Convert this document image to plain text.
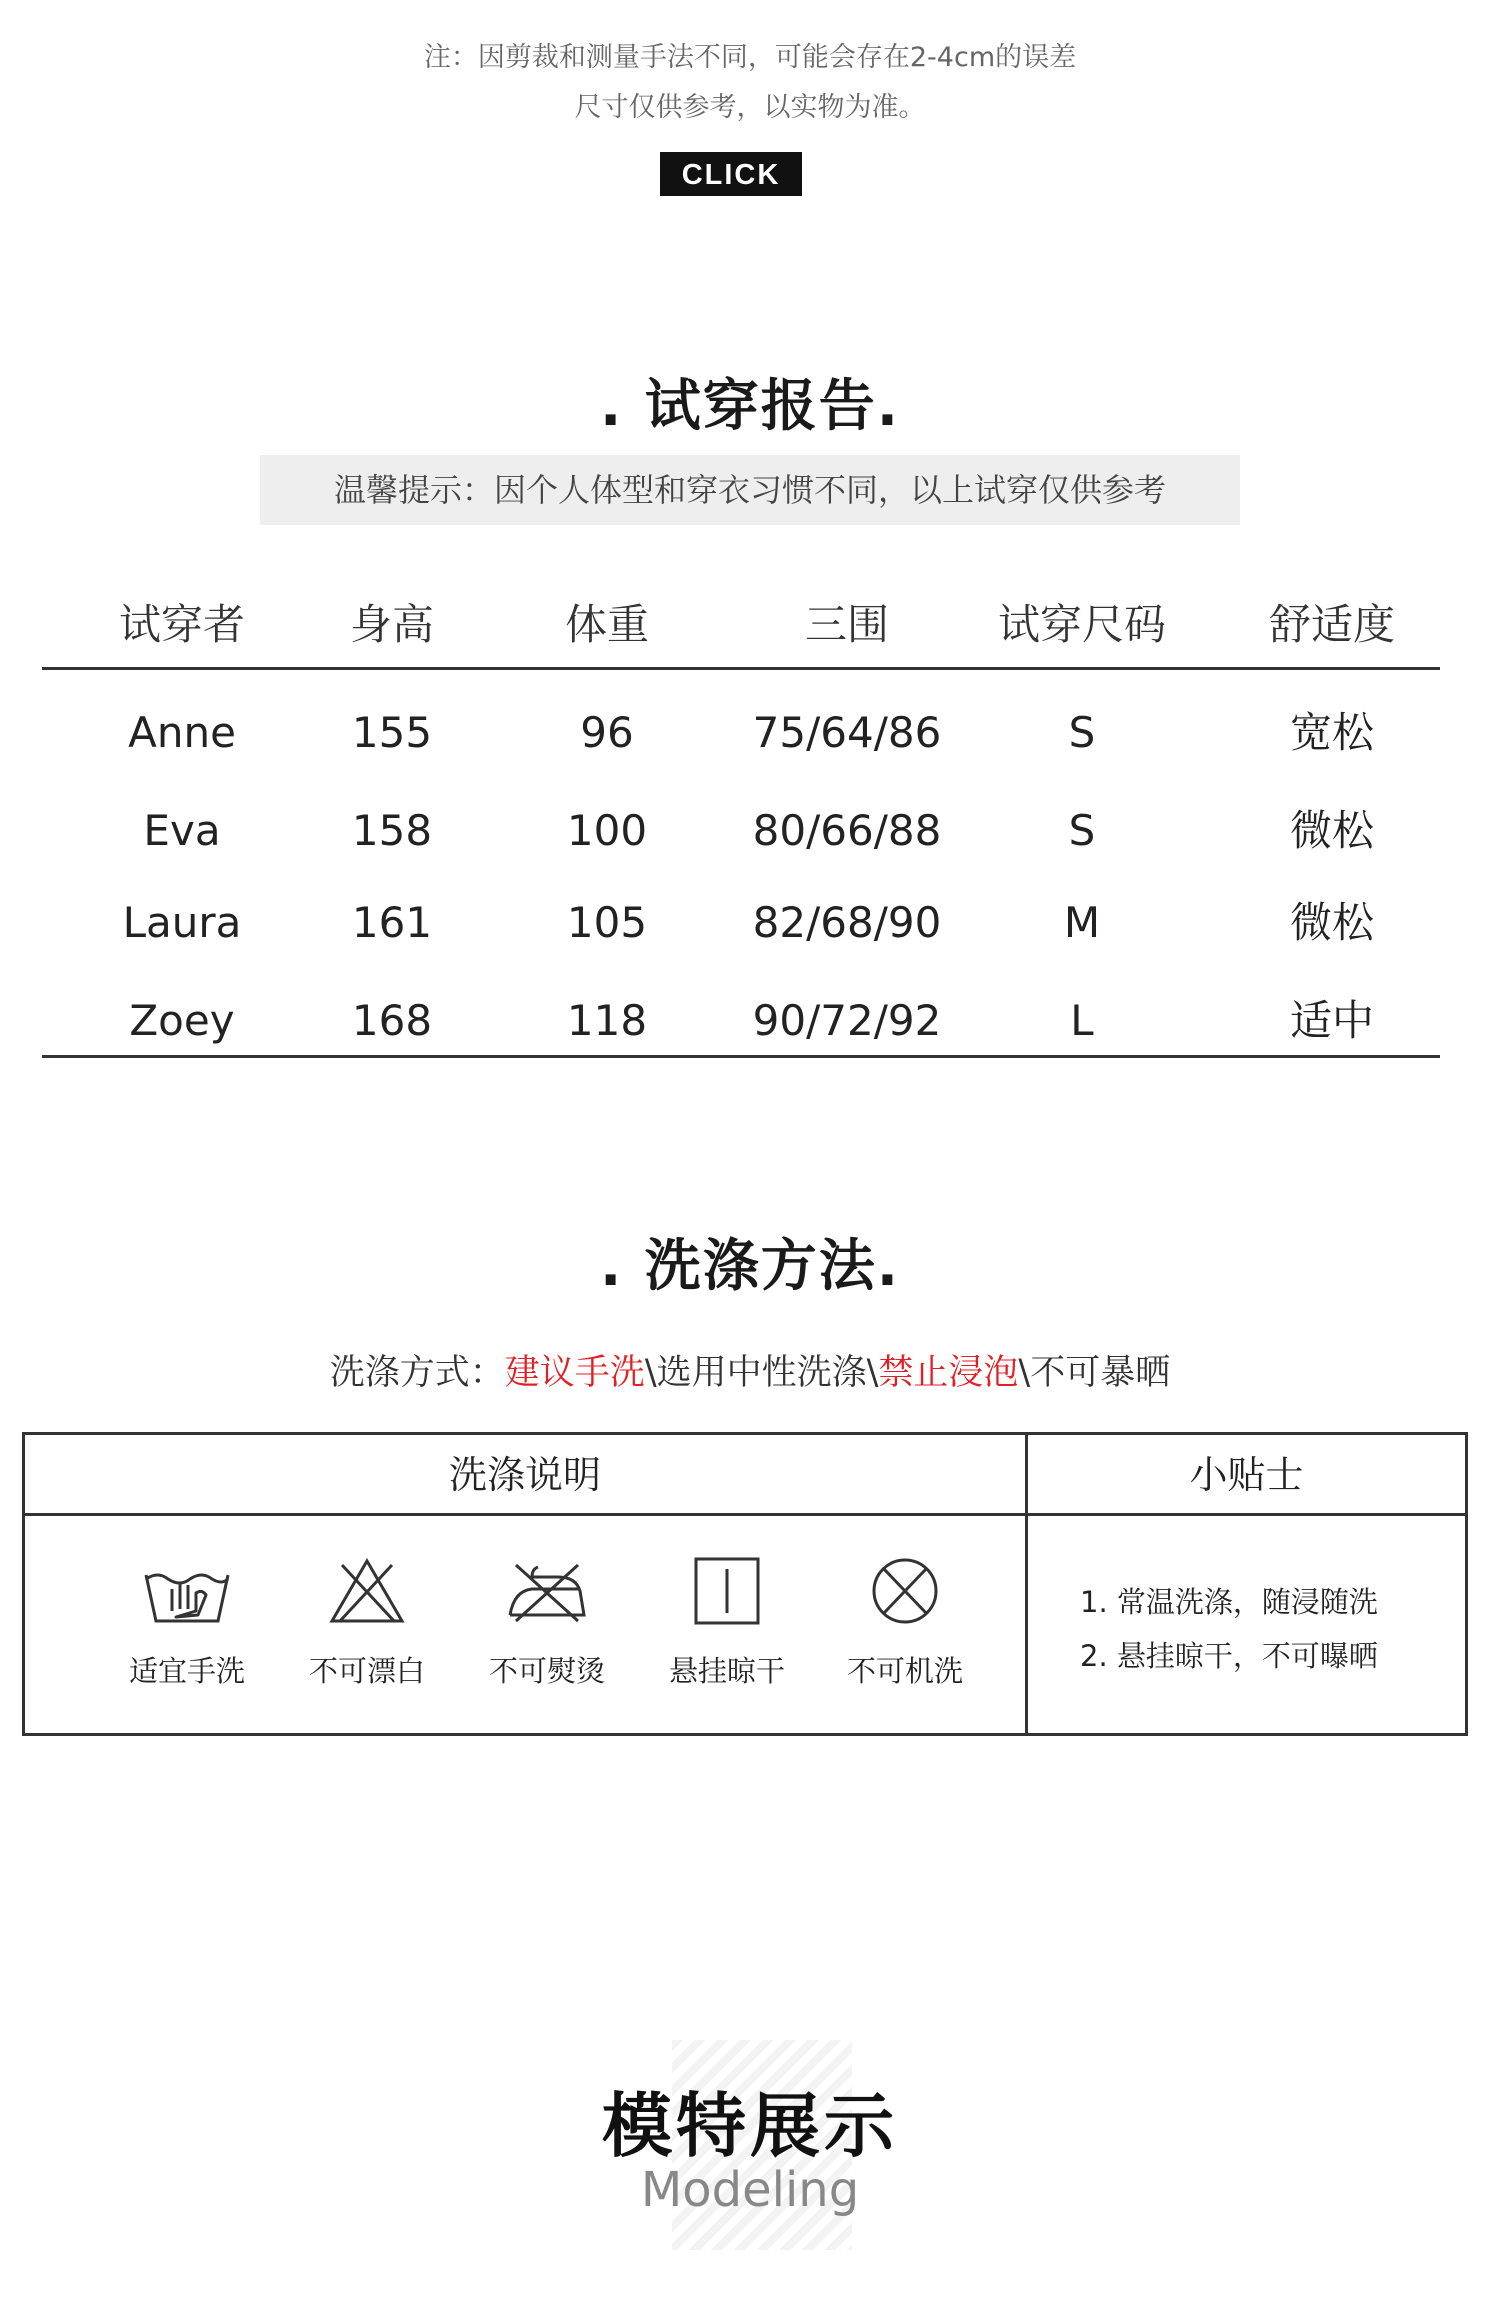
注：因剪裁和测量手法不同，可能会存在2-4cm的误差
尺寸仅供参考，以实物为准。
CLICK
. 试穿报告.
温馨提示：因个人体型和穿衣习惯不同，以上试穿仅供参考
试穿者	身高	体重	三围	试穿尺码	舒适度
Anne	155	96	75/64/86	S	宽松
Eva	158	100	80/66/88	S	微松
Laura	161	105	82/68/90	M	微松
Zoey	168	118	90/72/92	L	适中
. 洗涤方法.
洗涤方式：建议手洗\选用中性洗涤\禁止浸泡\不可暴晒
洗涤说明	小贴士
适宜手洗	不可漂白	不可熨烫	悬挂晾干	不可机洗
1. 常温洗涤，随浸随洗
2. 悬挂晾干，不可曝晒
模特展示
Modeling
